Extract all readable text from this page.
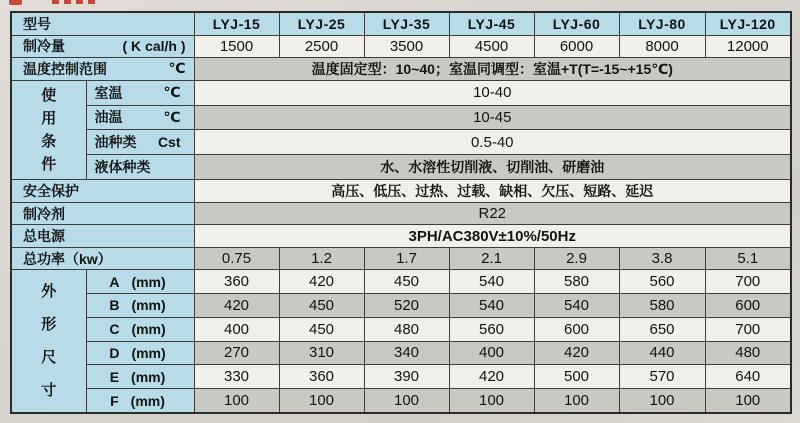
型号		LYJ-15	LYJ-25	LYJ-35	LYJ-45	LYJ-60	LYJ-80	LYJ-120

制冷量 ( K cal/h )		1500	2500	3500	4500	6000	8000	12000

温度控制范围 ℃		温度固定型：10~40；室温同调型：室温+T(T=-15~+15℃)						
使用条件	室温 ℃	10-40						

	油温 ℃	10-45						

	油种类 Cst	0.5-40						

	液体种类	水、水溶性切削液、切削油、研磨油						
安全保护		高压、低压、过热、过载、缺相、欠压、短路、延迟						
制冷剂		R22						
总电源		3PH/AC380V±10%/50Hz						
总功率（kw）		0.75	1.2	1.7	2.1	2.9	3.8	5.1
外形尺寸	A (mm)	360	420	450	540	580	560	700

	B (mm)	420	450	520	540	540	580	600

	C (mm)	400	450	480	560	600	650	700

	D (mm)	270	310	340	400	420	440	480

	E (mm)	330	360	390	420	500	570	640

	F (mm)	100	100	100	100	100	100	100
